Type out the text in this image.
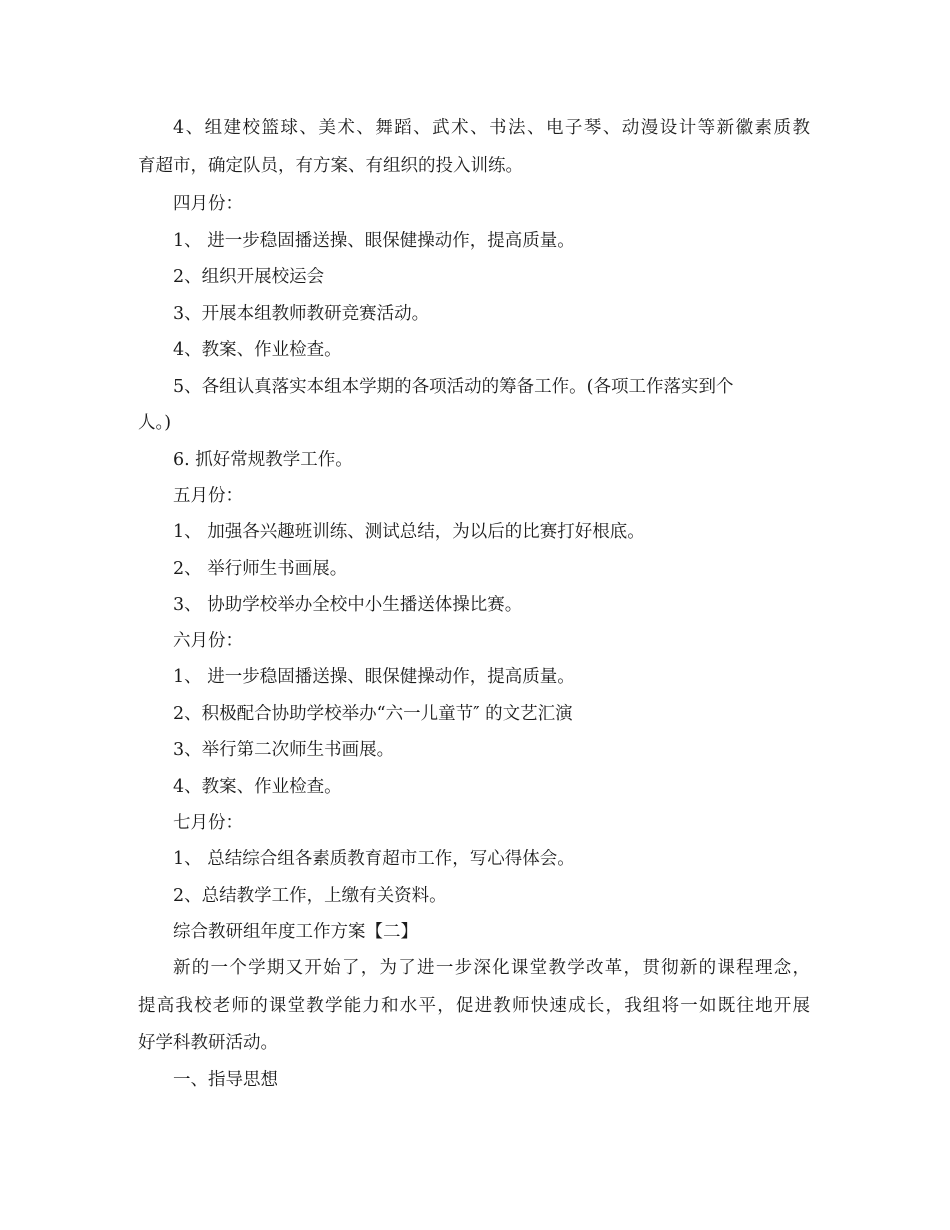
4、组建校篮球、美术、舞蹈、武术、书法、电子琴、动漫设计等新徽素质教
育超市，确定队员，有方案、有组织的投入训练。
四月份：
1、 进一步稳固播送操、眼保健操动作，提高质量。
2、组织开展校运会
3、开展本组教师教研竞赛活动。
4、教案、作业检查。
5、各组认真落实本组本学期的各项活动的筹备工作。(各项工作落实到个
人。)
6. 抓好常规教学工作。
五月份：
1、 加强各兴趣班训练、测试总结，为以后的比赛打好根底。
2、 举行师生书画展。
3、 协助学校举办全校中小生播送体操比赛。
六月份：
1、 进一步稳固播送操、眼保健操动作，提高质量。
2、积极配合协助学校举办“六一儿童节″ 的文艺汇演
3、举行第二次师生书画展。
4、教案、作业检查。
七月份：
1、 总结综合组各素质教育超市工作，写心得体会。
2、总结教学工作，上缴有关资料。
综合教研组年度工作方案【二】
新的一个学期又开始了，为了进一步深化课堂教学改革，贯彻新的课程理念，
提高我校老师的课堂教学能力和水平，促进教师快速成长，我组将一如既往地开展
好学科教研活动。
一、指导思想
